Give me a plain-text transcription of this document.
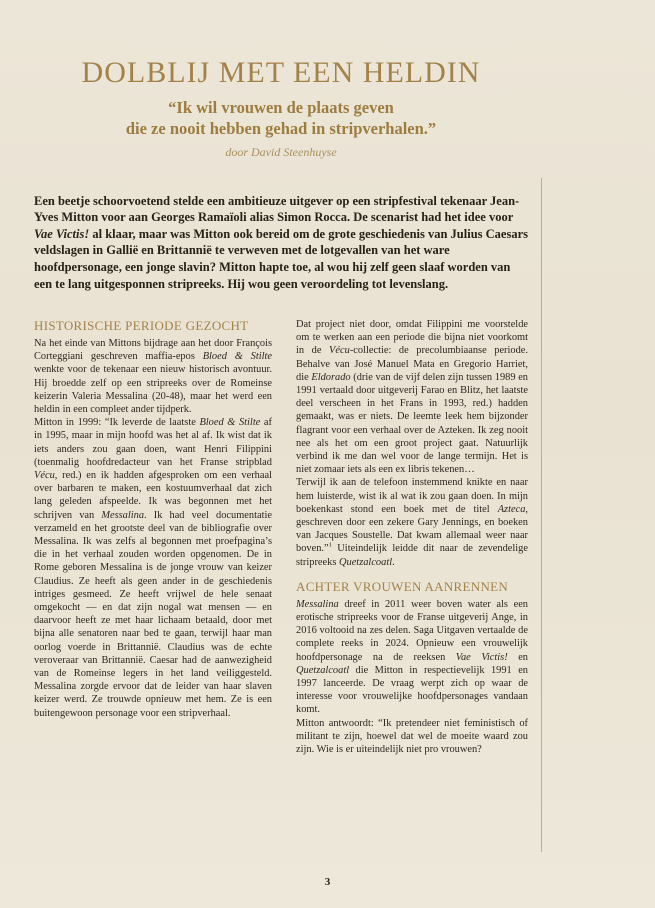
DOLBLIJ MET EEN HELDIN
“Ik wil vrouwen de plaats geven
die ze nooit hebben gehad in stripverhalen.”
door David Steenhuyse

Een beetje schoorvoetend stelde een ambitieuze uitgever op een stripfestival tekenaar Jean-Yves Mitton voor aan Georges Ramaïoli alias Simon Rocca. De scenarist had het idee voor Vae Victis! al klaar, maar was Mitton ook bereid om de grote geschiedenis van Julius Caesars veldslagen in Gallië en Brittannië te verweven met de lotgevallen van het ware hoofdpersonage, een jonge slavin? Mitton hapte toe, al wou hij zelf geen slaaf worden van een te lang uitgesponnen stripreeks. Hij wou geen veroordeling tot levenslang.

HISTORISCHE PERIODE GEZOCHT

Na het einde van Mittons bijdrage aan het door François Corteggiani geschreven maffia-epos Bloed & Stilte wenkte voor de tekenaar een nieuw historisch avontuur. Hij broedde zelf op een stripreeks over de Romeinse keizerin Valeria Messalina (20-48), maar het werd een heldin in een compleet ander tijdperk.

Mitton in 1999: “Ik leverde de laatste Bloed & Stilte af in 1995, maar in mijn hoofd was het al af. Ik wist dat ik iets anders zou gaan doen, want Henri Filippini (toenmalig hoofdredacteur van het Franse stripblad Vécu, red.) en ik hadden afgesproken om een verhaal over barbaren te maken, een kostuumverhaal dat zich lang geleden afspeelde. Ik was begonnen met het schrijven van Messalina. Ik had veel documentatie verzameld en het grootste deel van de bibliografie over Messalina. Ik was zelfs al begonnen met proefpagina’s die in het verhaal zouden worden opgenomen. De in Rome geboren Messalina is de jonge vrouw van keizer Claudius. Ze heeft als geen ander in de geschiedenis intriges gesmeed. Ze heeft vrijwel de hele senaat omgekocht — en dat zijn nogal wat mensen — en daarvoor heeft ze met haar lichaam betaald, door met bijna alle senatoren naar bed te gaan, terwijl haar man oorlog voerde in Brittannië. Claudius was de echte veroveraar van Brittannië. Caesar had de aanwezigheid van de Romeinse legers in het land veiliggesteld. Messalina zorgde ervoor dat de leider van haar slaven keizer werd. Ze trouwde opnieuw met hem. Ze is een buitengewoon personage voor een stripverhaal.

Dat project niet door, omdat Filippini me voorstelde om te werken aan een periode die bijna niet voorkomt in de Vécu-collectie: de precolumbiaanse periode. Behalve van José Manuel Mata en Gregorio Harriet, die Eldorado (drie van de vijf delen zijn tussen 1989 en 1991 vertaald door uitgeverij Farao en Blitz, het laatste deel verscheen in het Frans in 1993, red.) hadden gemaakt, was er niets. De leemte leek hem bijzonder flagrant voor een verhaal over de Azteken. Ik zeg nooit nee als het om een groot project gaat. Natuurlijk verbind ik me dan wel voor de lange termijn. Het is niet zomaar iets als een ex libris tekenen…

Terwijl ik aan de telefoon instemmend knikte en naar hem luisterde, wist ik al wat ik zou gaan doen. In mijn boekenkast stond een boek met de titel Azteca, geschreven door een zekere Gary Jennings, en boeken van Jacques Soustelle. Dat kwam allemaal weer naar boven.”$^1$ Uiteindelijk leidde dit naar de zevendelige stripreeks Quetzalcoatl.

ACHTER VROUWEN AANRENNEN

Messalina dreef in 2011 weer boven water als een erotische stripreeks voor de Franse uitgeverij Ange, in 2016 voltooid na zes delen. Saga Uitgaven vertaalde de complete reeks in 2024. Opnieuw een vrouwelijk hoofdpersonage na de reeksen Vae Victis! en Quetzalcoatl die Mitton in respectievelijk 1991 en 1997 lanceerde. De vraag werpt zich op waar de interesse voor vrouwelijke hoofdpersonages vandaan komt.

Mitton antwoordt: “Ik pretendeer niet feministisch of militant te zijn, hoewel dat wel de moeite waard zou zijn. Wie is er uiteindelijk niet pro vrouwen?

3
